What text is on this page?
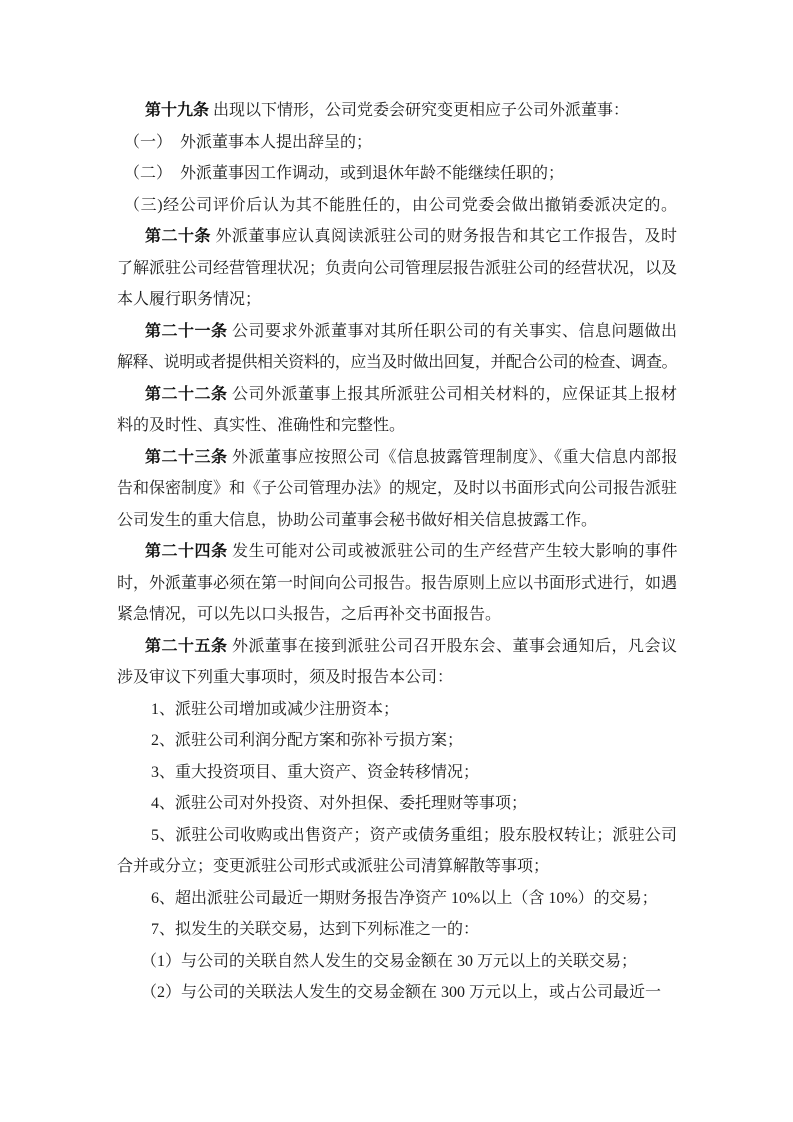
第十九条 出现以下情形，公司党委会研究变更相应子公司外派董事：
（一）　外派董事本人提出辞呈的；
（二）　外派董事因工作调动，或到退休年龄不能继续任职的；
（三)经公司评价后认为其不能胜任的，由公司党委会做出撤销委派决定的。
第二十条 外派董事应认真阅读派驻公司的财务报告和其它工作报告，及时
了解派驻公司经营管理状况；负责向公司管理层报告派驻公司的经营状况，以及
本人履行职务情况；
第二十一条 公司要求外派董事对其所任职公司的有关事实、信息问题做出
解释、说明或者提供相关资料的，应当及时做出回复，并配合公司的检查、调查。
第二十二条 公司外派董事上报其所派驻公司相关材料的，应保证其上报材
料的及时性、真实性、准确性和完整性。
第二十三条 外派董事应按照公司《信息披露管理制度》、《重大信息内部报
告和保密制度》和《子公司管理办法》的规定，及时以书面形式向公司报告派驻
公司发生的重大信息，协助公司董事会秘书做好相关信息披露工作。
第二十四条 发生可能对公司或被派驻公司的生产经营产生较大影响的事件
时，外派董事必须在第一时间向公司报告。报告原则上应以书面形式进行，如遇
紧急情况，可以先以口头报告，之后再补交书面报告。
第二十五条 外派董事在接到派驻公司召开股东会、董事会通知后，凡会议
涉及审议下列重大事项时，须及时报告本公司：
1、派驻公司增加或减少注册资本；
2、派驻公司利润分配方案和弥补亏损方案；
3、重大投资项目、重大资产、资金转移情况；
4、派驻公司对外投资、对外担保、委托理财等事项；
5、派驻公司收购或出售资产；资产或债务重组；股东股权转让；派驻公司
合并或分立；变更派驻公司形式或派驻公司清算解散等事项；
6、超出派驻公司最近一期财务报告净资产 10%以上（含 10%）的交易；
7、拟发生的关联交易，达到下列标准之一的：
（1）与公司的关联自然人发生的交易金额在 30 万元以上的关联交易；
（2）与公司的关联法人发生的交易金额在 300 万元以上，或占公司最近一
